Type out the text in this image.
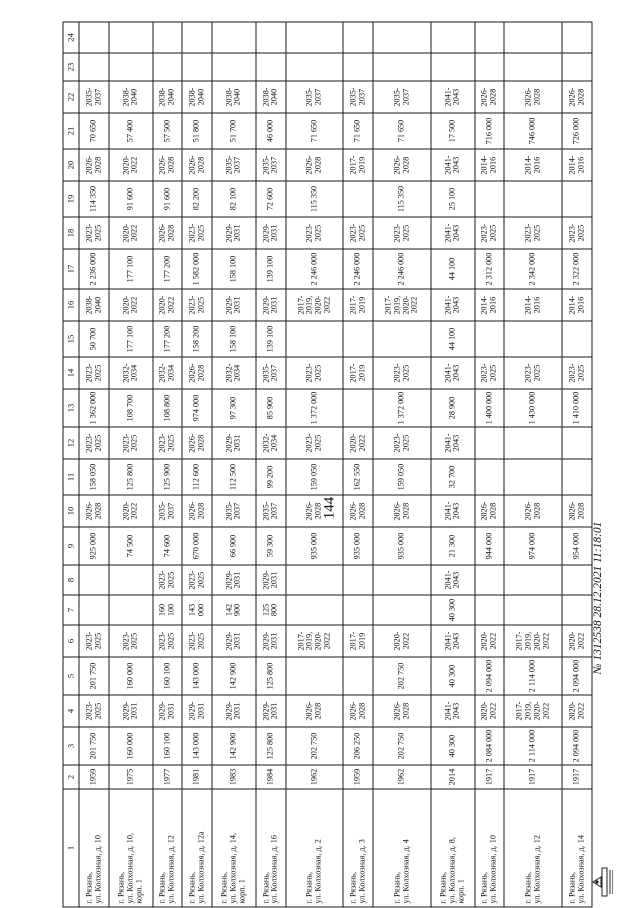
144
1	2	3	4	5	6	7	8	9	10	11	12	13	14	15	16	17	18	19	20	21	22	23	24
г. Рязань,
ул. Колхозная, д. 10	1959	201 750	2023-
2025	201 750	2023-
2025			925 000	2026-
2028	158 050	2023-
2025	1 362 000	2023-
2025	50 700	2038-
2040	2 236 000	2023-
2025	114 350	2026-
2028	70 650	2035-
2037		
г. Рязань,
ул. Колхозная, д. 10,
корп. 1	1975	160 000	2029-
2031	160 000	2023-
2025			74 500	2020-
2022	125 800	2023-
2025	108 700	2032-
2034	177 100	2020-
2022	177 100	2020-
2022	91 600	2020-
2022	57 400	2038-
2040		
г. Рязань,
ул. Колхозная, д. 12	1977	160 100	2029-
2031	160 100	2023-
2025	160 100	2023-
2025	74 600	2035-
2037	125 900	2023-
2025	108 800	2032-
2034	177 200	2020-
2022	177 200	2026-
2028	91 600	2026-
2028	57 500	2038-
2040		
г. Рязань,
ул. Колхозная, д. 12а	1981	143 000	2029-
2031	143 000	2023-
2025	143 000	2023-
2025	670 000	2026-
2028	112 600	2026-
2028	974 000	2026-
2028	158 200	2023-
2025	1 582 000	2023-
2025	82 200	2026-
2028	51 800	2038-
2040		
г. Рязань,
ул. Колхозная, д. 14,
корп. 1	1983	142 900	2029-
2031	142 900	2029-
2031	142 900	2029-
2031	66 900	2035-
2037	112 500	2029-
2031	97 300	2032-
2034	158 100	2029-
2031	158 100	2029-
2031	82 100	2035-
2037	51 700	2038-
2040		
г. Рязань,
ул. Колхозная, д. 16	1984	125 800	2029-
2031	125 800	2029-
2031	125 800	2029-
2031	59 300	2035-
2037	99 200	2032-
2034	85 900	2035-
2037	139 100	2029-
2031	139 100	2029-
2031	72 600	2035-
2037	46 000	2038-
2040		
г. Рязань,
ул. Колхозная, д. 2	1962	202 750	2026-
2028		2017-
2019,
2020-
2022			935 000	2026-
2028	159 050	2023-
2025	1 372 000	2023-
2025		2017-
2019,
2020-
2022	2 246 000	2023-
2025	115 350	2026-
2028	71 650	2035-
2037		
г. Рязань,
ул. Колхозная, д. 3	1959	206 250	2026-
2028		2017-
2019			935 000	2026-
2028	162 550	2020-
2022		2017-
2019		2017-
2019	2 246 000	2023-
2025		2017-
2019	71 650	2035-
2037		
г. Рязань,
ул. Колхозная, д. 4	1962	202 750	2026-
2028	202 750	2020-
2022			935 000	2026-
2028	159 050	2023-
2025	1 372 000	2023-
2025		2017-
2019,
2020-
2022	2 246 000	2023-
2025	115 350	2026-
2028	71 650	2035-
2037		
г. Рязань,
ул. Колхозная, д. 8,
корп. 1	2014	40 300	2041-
2043	40 300	2041-
2043	40 300	2041-
2043	21 300	2041-
2043	32 700	2041-
2043	28 900	2041-
2043	44 100	2041-
2043	44 100	2041-
2043	25 100	2041-
2043	17 500	2041-
2043		
г. Рязань,
ул. Колхозная, д. 10	1917	2 084 000	2020-
2022	2 094 000	2020-
2022			944 000	2026-
2028			1 400 000	2023-
2025		2014-
2016	2 312 000	2023-
2025		2014-
2016	716 000	2026-
2028		
г. Рязань,
ул. Колхозная, д. 12	1917	2 114 000	2017-
2019,
2020-
2022	2 114 000	2017-
2019,
2020-
2022			974 000	2026-
2028			1 430 000	2023-
2025		2014-
2016	2 342 000	2023-
2025		2014-
2016	746 000	2026-
2028		
г. Рязань,
ул. Колхозная, д. 14	1917	2 094 000	2020-
2022	2 094 000	2020-
2022			954 000	2026-
2028			1 410 000	2023-
2025		2014-
2016	2 322 000	2023-
2025		2014-
2016	726 000	2026-
2028		
№ 1312538 28.12.2021 11:18:01
